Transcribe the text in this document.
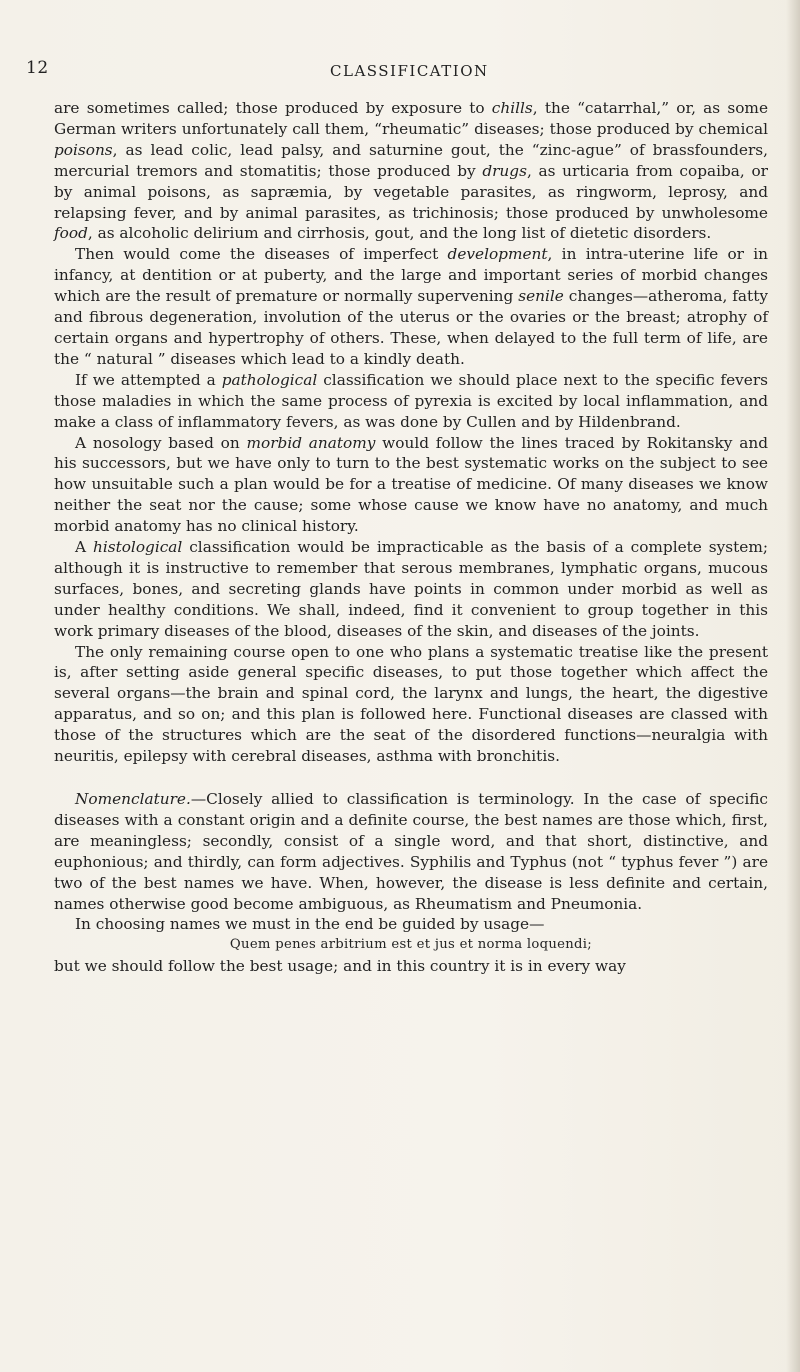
12	CLASSIFICATION

are sometimes called; those produced by exposure to chills, the “catarrhal,” or, as some German writers unfortunately call them, “rheumatic” diseases; those produced by chemical poisons, as lead colic, lead palsy, and saturnine gout, the “zinc-ague” of brassfounders, mercurial tremors and stomatitis; those produced by drugs, as urticaria from copaiba, or by animal poisons, as sapræmia, by vegetable parasites, as ringworm, leprosy, and relapsing fever, and by animal parasites, as trichinosis; those produced by unwholesome food, as alcoholic delirium and cirrhosis, gout, and the long list of dietetic disorders.

Then would come the diseases of imperfect development, in intra-uterine life or in infancy, at dentition or at puberty, and the large and important series of morbid changes which are the result of premature or normally supervening senile changes—atheroma, fatty and fibrous degeneration, involution of the uterus or the ovaries or the breast; atrophy of certain organs and hypertrophy of others. These, when delayed to the full term of life, are the “ natural ” diseases which lead to a kindly death.

If we attempted a pathological classification we should place next to the specific fevers those maladies in which the same process of pyrexia is excited by local inflammation, and make a class of inflammatory fevers, as was done by Cullen and by Hildenbrand.

A nosology based on morbid anatomy would follow the lines traced by Rokitansky and his successors, but we have only to turn to the best systematic works on the subject to see how unsuitable such a plan would be for a treatise of medicine. Of many diseases we know neither the seat nor the cause; some whose cause we know have no anatomy, and much morbid anatomy has no clinical history.

A histological classification would be impracticable as the basis of a complete system; although it is instructive to remember that serous membranes, lymphatic organs, mucous surfaces, bones, and secreting glands have points in common under morbid as well as under healthy conditions. We shall, indeed, find it convenient to group together in this work primary diseases of the blood, diseases of the skin, and diseases of the joints.

The only remaining course open to one who plans a systematic treatise like the present is, after setting aside general specific diseases, to put those together which affect the several organs—the brain and spinal cord, the larynx and lungs, the heart, the digestive apparatus, and so on; and this plan is followed here. Functional diseases are classed with those of the structures which are the seat of the disordered functions—neuralgia with neuritis, epilepsy with cerebral diseases, asthma with bronchitis.

Nomenclature.—Closely allied to classification is terminology. In the case of specific diseases with a constant origin and a definite course, the best names are those which, first, are meaningless; secondly, consist of a single word, and that short, distinctive, and euphonious; and thirdly, can form adjectives. Syphilis and Typhus (not “ typhus fever ”) are two of the best names we have. When, however, the disease is less definite and certain, names otherwise good become ambiguous, as Rheumatism and Pneumonia.

In choosing names we must in the end be guided by usage—

Quem penes arbitrium est et jus et norma loquendi;

but we should follow the best usage; and in this country it is in every way
